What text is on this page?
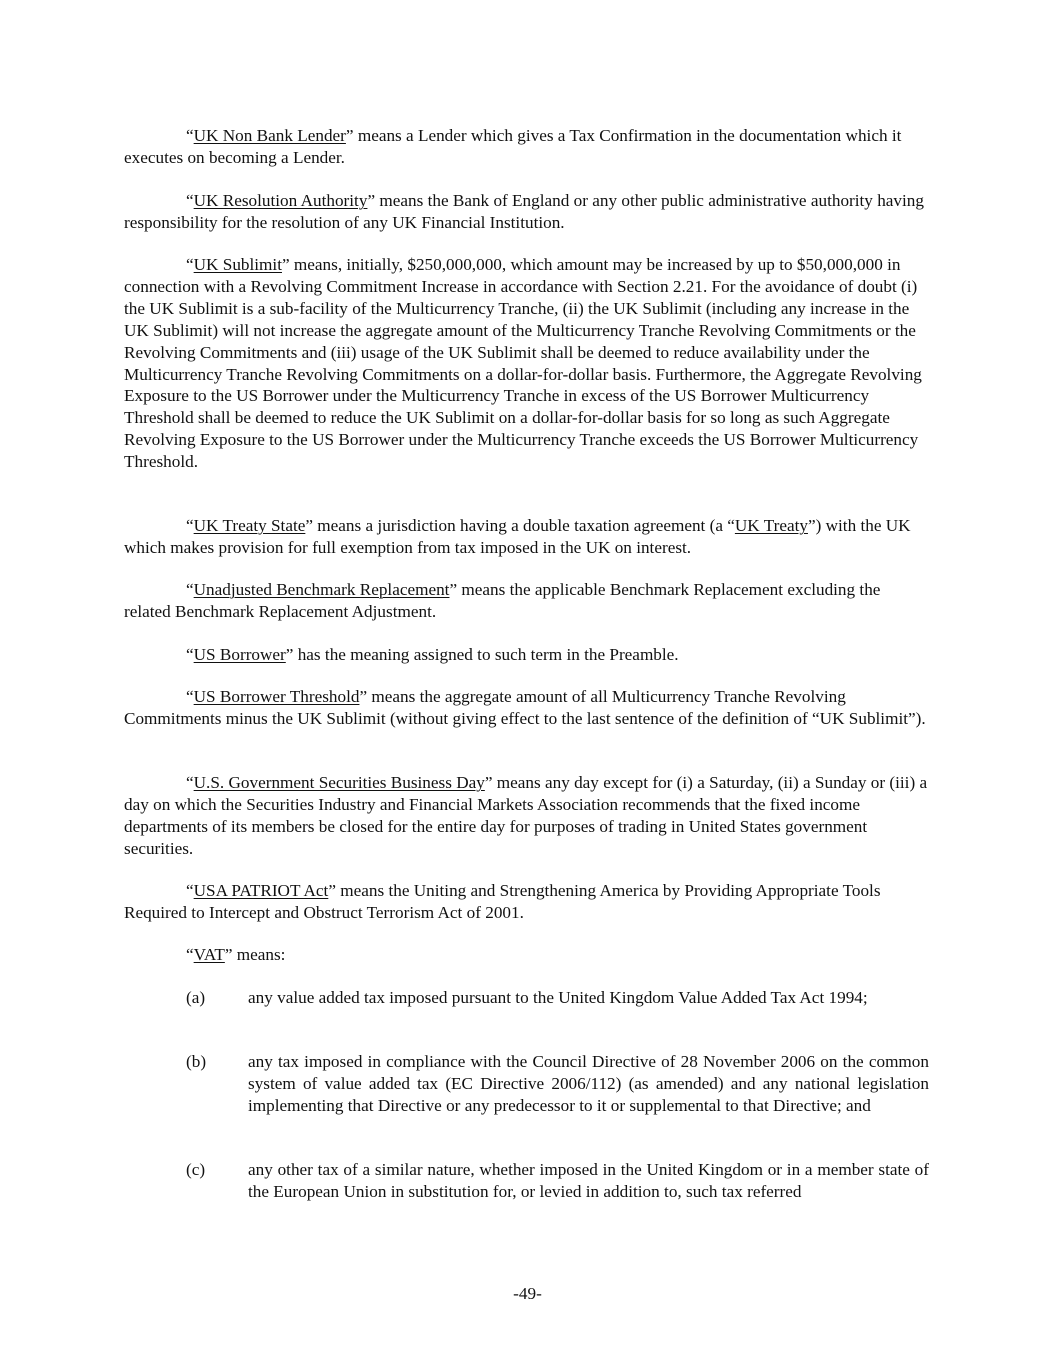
“UK Non Bank Lender” means a Lender which gives a Tax Confirmation in the documentation which it executes on becoming a Lender.

“UK Resolution Authority” means the Bank of England or any other public administrative authority having responsibility for the resolution of any UK Financial Institution.

“UK Sublimit” means, initially, $250,000,000, which amount may be increased by up to $50,000,000 in connection with a Revolving Commitment Increase in accordance with Section 2.21. For the avoidance of doubt (i) the UK Sublimit is a sub-facility of the Multicurrency Tranche, (ii) the UK Sublimit (including any increase in the UK Sublimit) will not increase the aggregate amount of the Multicurrency Tranche Revolving Commitments or the Revolving Commitments and (iii) usage of the UK Sublimit shall be deemed to reduce availability under the Multicurrency Tranche Revolving Commitments on a dollar-for-dollar basis. Furthermore, the Aggregate Revolving Exposure to the US Borrower under the Multicurrency Tranche in excess of the US Borrower Multicurrency Threshold shall be deemed to reduce the UK Sublimit on a dollar-for-dollar basis for so long as such Aggregate Revolving Exposure to the US Borrower under the Multicurrency Tranche exceeds the US Borrower Multicurrency Threshold.

“UK Treaty State” means a jurisdiction having a double taxation agreement (a “UK Treaty”) with the UK which makes provision for full exemption from tax imposed in the UK on interest.

“Unadjusted Benchmark Replacement” means the applicable Benchmark Replacement excluding the related Benchmark Replacement Adjustment.

“US Borrower” has the meaning assigned to such term in the Preamble.

“US Borrower Threshold” means the aggregate amount of all Multicurrency Tranche Revolving Commitments minus the UK Sublimit (without giving effect to the last sentence of the definition of “UK Sublimit”).

“U.S. Government Securities Business Day” means any day except for (i) a Saturday, (ii) a Sunday or (iii) a day on which the Securities Industry and Financial Markets Association recommends that the fixed income departments of its members be closed for the entire day for purposes of trading in United States government securities.

“USA PATRIOT Act” means the Uniting and Strengthening America by Providing Appropriate Tools Required to Intercept and Obstruct Terrorism Act of 2001.

“VAT” means:

(a)	any value added tax imposed pursuant to the United Kingdom Value Added Tax Act 1994;
(b)	any tax imposed in compliance with the Council Directive of 28 November 2006 on the common system of value added tax (EC Directive 2006/112) (as amended) and any national legislation implementing that Directive or any predecessor to it or supplemental to that Directive; and
(c)	any other tax of a similar nature, whether imposed in the United Kingdom or in a member state of the European Union in substitution for, or levied in addition to, such tax referred
-49-
